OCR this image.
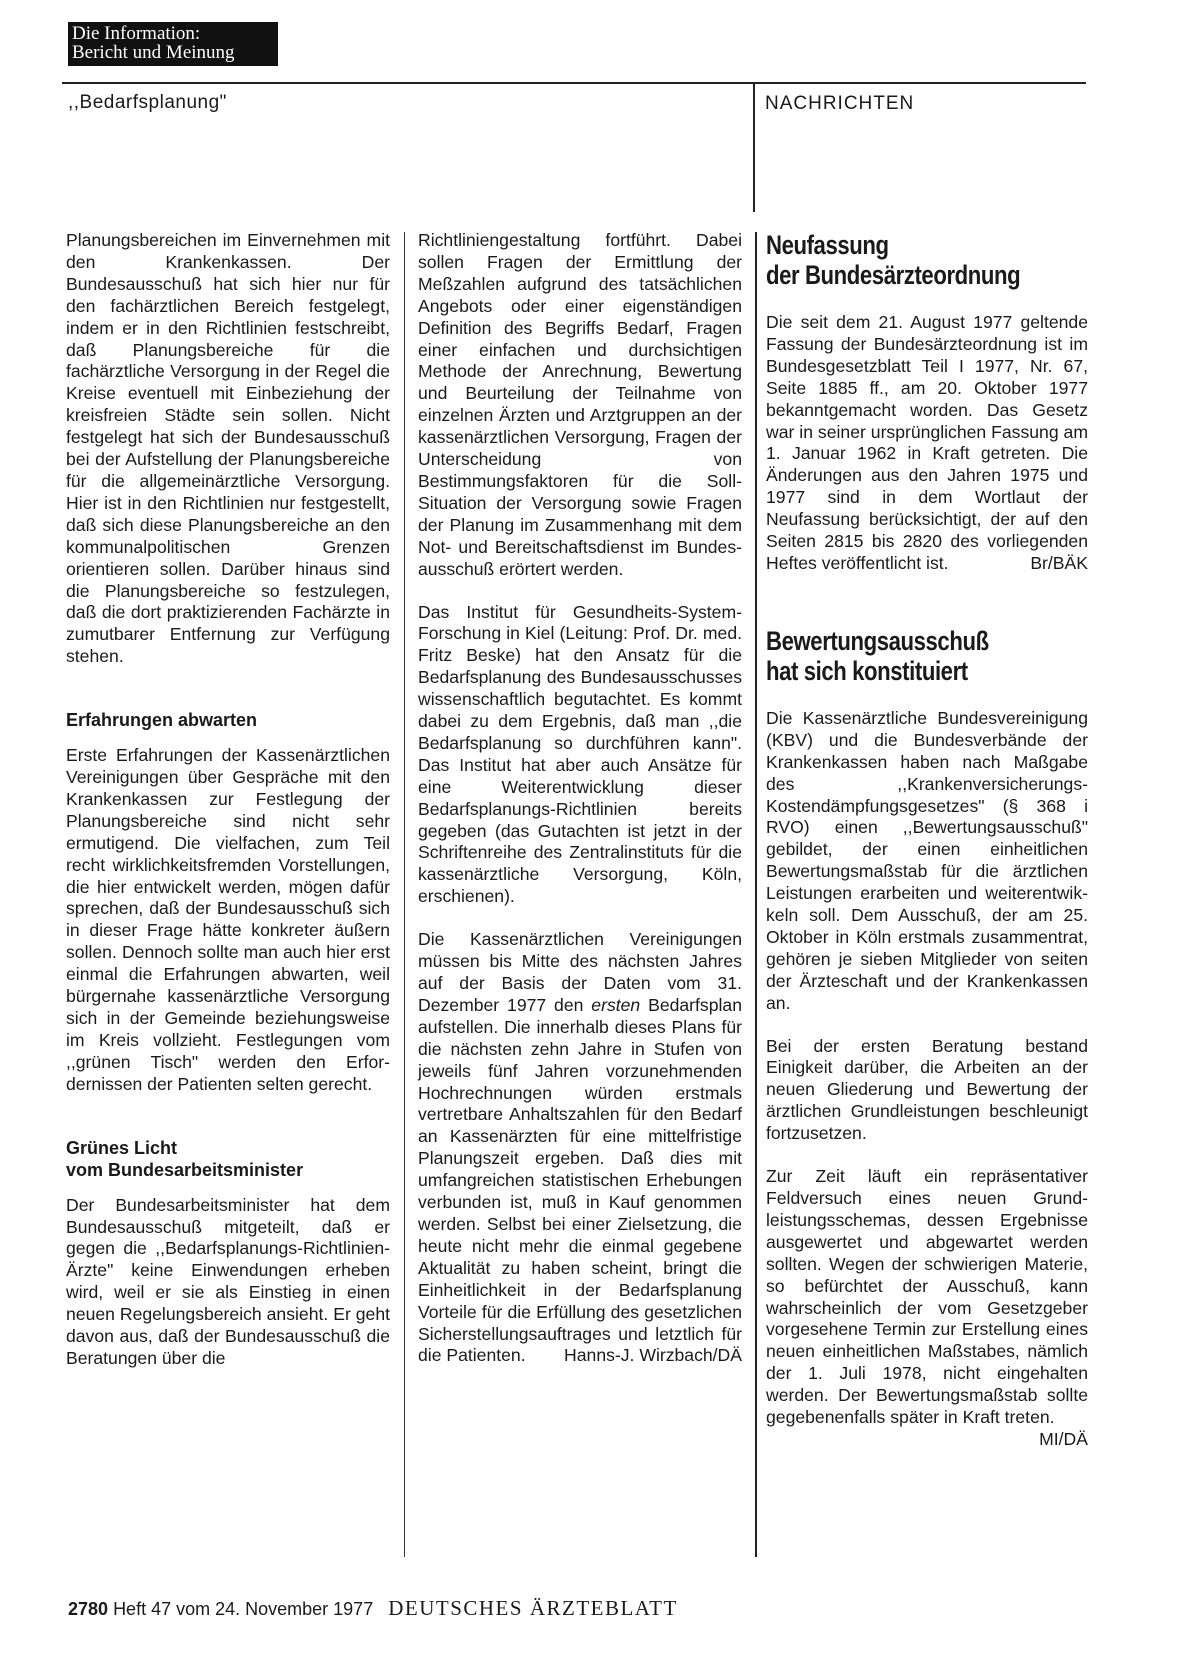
Die Information:
Bericht und Meinung
,,Bedarfsplanung"	NACHRICHTEN

Planungsbereichen im Einvernehmen mit den Krankenkassen. Der Bundesausschuß hat sich hier nur für den fachärztlichen Bereich festgelegt, indem er in den Richtlinien festschreibt, daß Planungsbereiche für die fachärztliche Versorgung in der Regel die Kreise eventuell mit Einbeziehung der kreisfreien Städte sein sollen. Nicht festgelegt hat sich der Bundesausschuß bei der Aufstellung der Planungsbereiche für die allgemeinärztliche Versorgung. Hier ist in den Richtlinien nur festgestellt, daß sich diese Planungsbereiche an den kommunalpolitischen Grenzen orientieren sollen. Darüber hinaus sind die Planungsbereiche so festzulegen, daß die dort praktizierenden Fachärzte in zumutbarer Entfernung zur Verfügung stehen.

Erfahrungen abwarten

Erste Erfahrungen der Kassenärztlichen Vereinigungen über Gespräche mit den Krankenkassen zur Festlegung der Planungsbereiche sind nicht sehr ermutigend. Die vielfachen, zum Teil recht wirklichkeitsfremden Vorstellungen, die hier entwickelt werden, mögen dafür sprechen, daß der Bundesausschuß sich in dieser Frage hätte konkreter äußern sollen. Dennoch sollte man auch hier erst einmal die Erfahrungen abwarten, weil bürgernahe kassenärztliche Versorgung sich in der Gemeinde beziehungsweise im Kreis vollzieht. Festlegungen vom ,,grünen Tisch" werden den Erfordernissen der Patienten selten gerecht.

Grünes Licht
vom Bundesarbeitsminister

Der Bundesarbeitsminister hat dem Bundesausschuß mitgeteilt, daß er gegen die ,,Bedarfsplanungs-Richtlinien-Ärzte" keine Einwendungen erheben wird, weil er sie als Einstieg in einen neuen Regelungsbereich ansieht. Er geht davon aus, daß der Bundesausschuß die Beratungen über die

Richtliniengestaltung fortführt. Dabei sollen Fragen der Ermittlung der Meßzahlen aufgrund des tatsächlichen Angebots oder einer eigenständigen Definition des Begriffs Bedarf, Fragen einer einfachen und durchsichtigen Methode der Anrechnung, Bewertung und Beurteilung der Teilnahme von einzelnen Ärzten und Arztgruppen an der kassenärztlichen Versorgung, Fragen der Unterscheidung von Bestimmungsfaktoren für die Soll-Situation der Versorgung sowie Fragen der Planung im Zusammenhang mit dem Not- und Bereitschaftsdienst im Bundesausschuß erörtert werden.

Das Institut für Gesundheits-System-Forschung in Kiel (Leitung: Prof. Dr. med. Fritz Beske) hat den Ansatz für die Bedarfsplanung des Bundesausschusses wissenschaftlich begutachtet. Es kommt dabei zu dem Ergebnis, daß man ,,die Bedarfsplanung so durchführen kann". Das Institut hat aber auch Ansätze für eine Weiterentwicklung dieser Bedarfsplanungs-Richtlinien bereits gegeben (das Gutachten ist jetzt in der Schriftenreihe des Zentralinstituts für die kassenärztliche Versorgung, Köln, erschienen).

Die Kassenärztlichen Vereinigungen müssen bis Mitte des nächsten Jahres auf der Basis der Daten vom 31. Dezember 1977 den ersten Bedarfsplan aufstellen. Die innerhalb dieses Plans für die nächsten zehn Jahre in Stufen von jeweils fünf Jahren vorzunehmenden Hochrechnungen würden erstmals vertretbare Anhaltszahlen für den Bedarf an Kassenärzten für eine mittelfristige Planungszeit ergeben. Daß dies mit umfangreichen statistischen Erhebungen verbunden ist, muß in Kauf genommen werden. Selbst bei einer Zielsetzung, die heute nicht mehr die einmal gegebene Aktualität zu haben scheint, bringt die Einheitlichkeit in der Bedarfsplanung Vorteile für die Erfüllung des gesetzlichen Sicherstellungsauftrages und letztlich für die Patienten. Hanns-J. Wirzbach/DÄ

Neufassung
der Bundesärzteordnung

Die seit dem 21. August 1977 geltende Fassung der Bundesärzteordnung ist im Bundesgesetzblatt Teil I 1977, Nr. 67, Seite 1885 ff., am 20. Oktober 1977 bekanntgemacht worden. Das Gesetz war in seiner ursprünglichen Fassung am 1. Januar 1962 in Kraft getreten. Die Änderungen aus den Jahren 1975 und 1977 sind in dem Wortlaut der Neufassung berücksichtigt, der auf den Seiten 2815 bis 2820 des vorliegenden Heftes veröffentlicht ist.	Br/BÄK

Bewertungsausschuß
hat sich konstituiert

Die Kassenärztliche Bundesvereinigung (KBV) und die Bundesverbände der Krankenkassen haben nach Maßgabe des ,,Krankenversicherungs-Kostendämpfungsgesetzes" (§ 368 i RVO) einen ,,Bewertungsausschuß" gebildet, der einen einheitlichen Bewertungsmaßstab für die ärztlichen Leistungen erarbeiten und weiterentwikkeln soll. Dem Ausschuß, der am 25. Oktober in Köln erstmals zusammentrat, gehören je sieben Mitglieder von seiten der Ärzteschaft und der Krankenkassen an.

Bei der ersten Beratung bestand Einigkeit darüber, die Arbeiten an der neuen Gliederung und Bewertung der ärztlichen Grundleistungen beschleunigt fortzusetzen.

Zur Zeit läuft ein repräsentativer Feldversuch eines neuen Grundleistungsschemas, dessen Ergebnisse ausgewertet und abgewartet werden sollten. Wegen der schwierigen Materie, so befürchtet der Ausschuß, kann wahrscheinlich der vom Gesetzgeber vorgesehene Termin zur Erstellung eines neuen einheitlichen Maßstabes, nämlich der 1. Juli 1978, nicht eingehalten werden. Der Bewertungsmaßstab sollte gegebenenfalls später in Kraft treten.
MI/DÄ

2780 Heft 47 vom 24. November 1977 DEUTSCHES ÄRZTEBLATT
